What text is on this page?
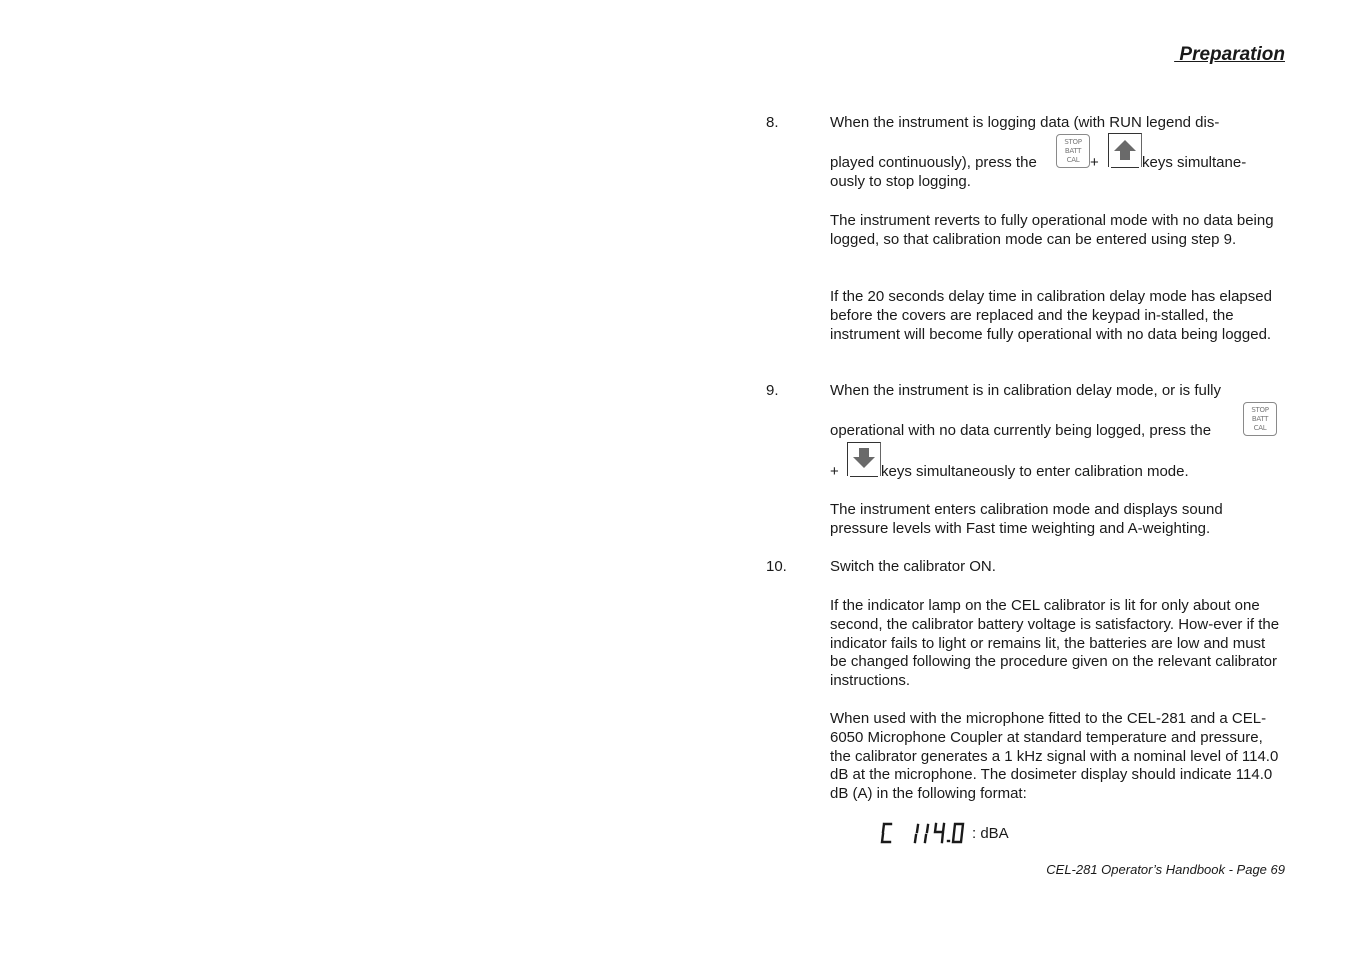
Preparation
8.	When the instrument is logging data (with RUN legend dis-
played continuously), press the
STOP
BATT
CAL +	keys simultane-
ously to stop logging.
The instrument reverts to fully operational mode with no data being logged, so that calibration mode can be entered using step 9.
If the 20 seconds delay time in calibration delay mode has elapsed before the covers are replaced and the keypad in-stalled, the instrument will become fully operational with no data being logged.
9.	When the instrument is in calibration delay mode, or is fully
operational with no data currently being logged, press the
STOP
BATT
CAL
+	keys simultaneously to enter calibration mode.
The instrument enters calibration mode and displays sound pressure levels with Fast time weighting and A-weighting.
10.	Switch the calibrator ON.
If the indicator lamp on the CEL calibrator is lit for only about one second, the calibrator battery voltage is satisfactory. How-ever if the indicator fails to light or remains lit, the batteries are low and must be changed following the procedure given on the relevant calibrator instructions.
When used with the microphone fitted to the CEL-281 and a CEL-6050 Microphone Coupler at standard temperature and pressure, the calibrator generates a 1 kHz signal with a nominal level of 114.0 dB at the microphone. The dosimeter display should indicate 114.0 dB (A) in the following format:
: dBA
CEL-281 Operator’s Handbook - Page 69
